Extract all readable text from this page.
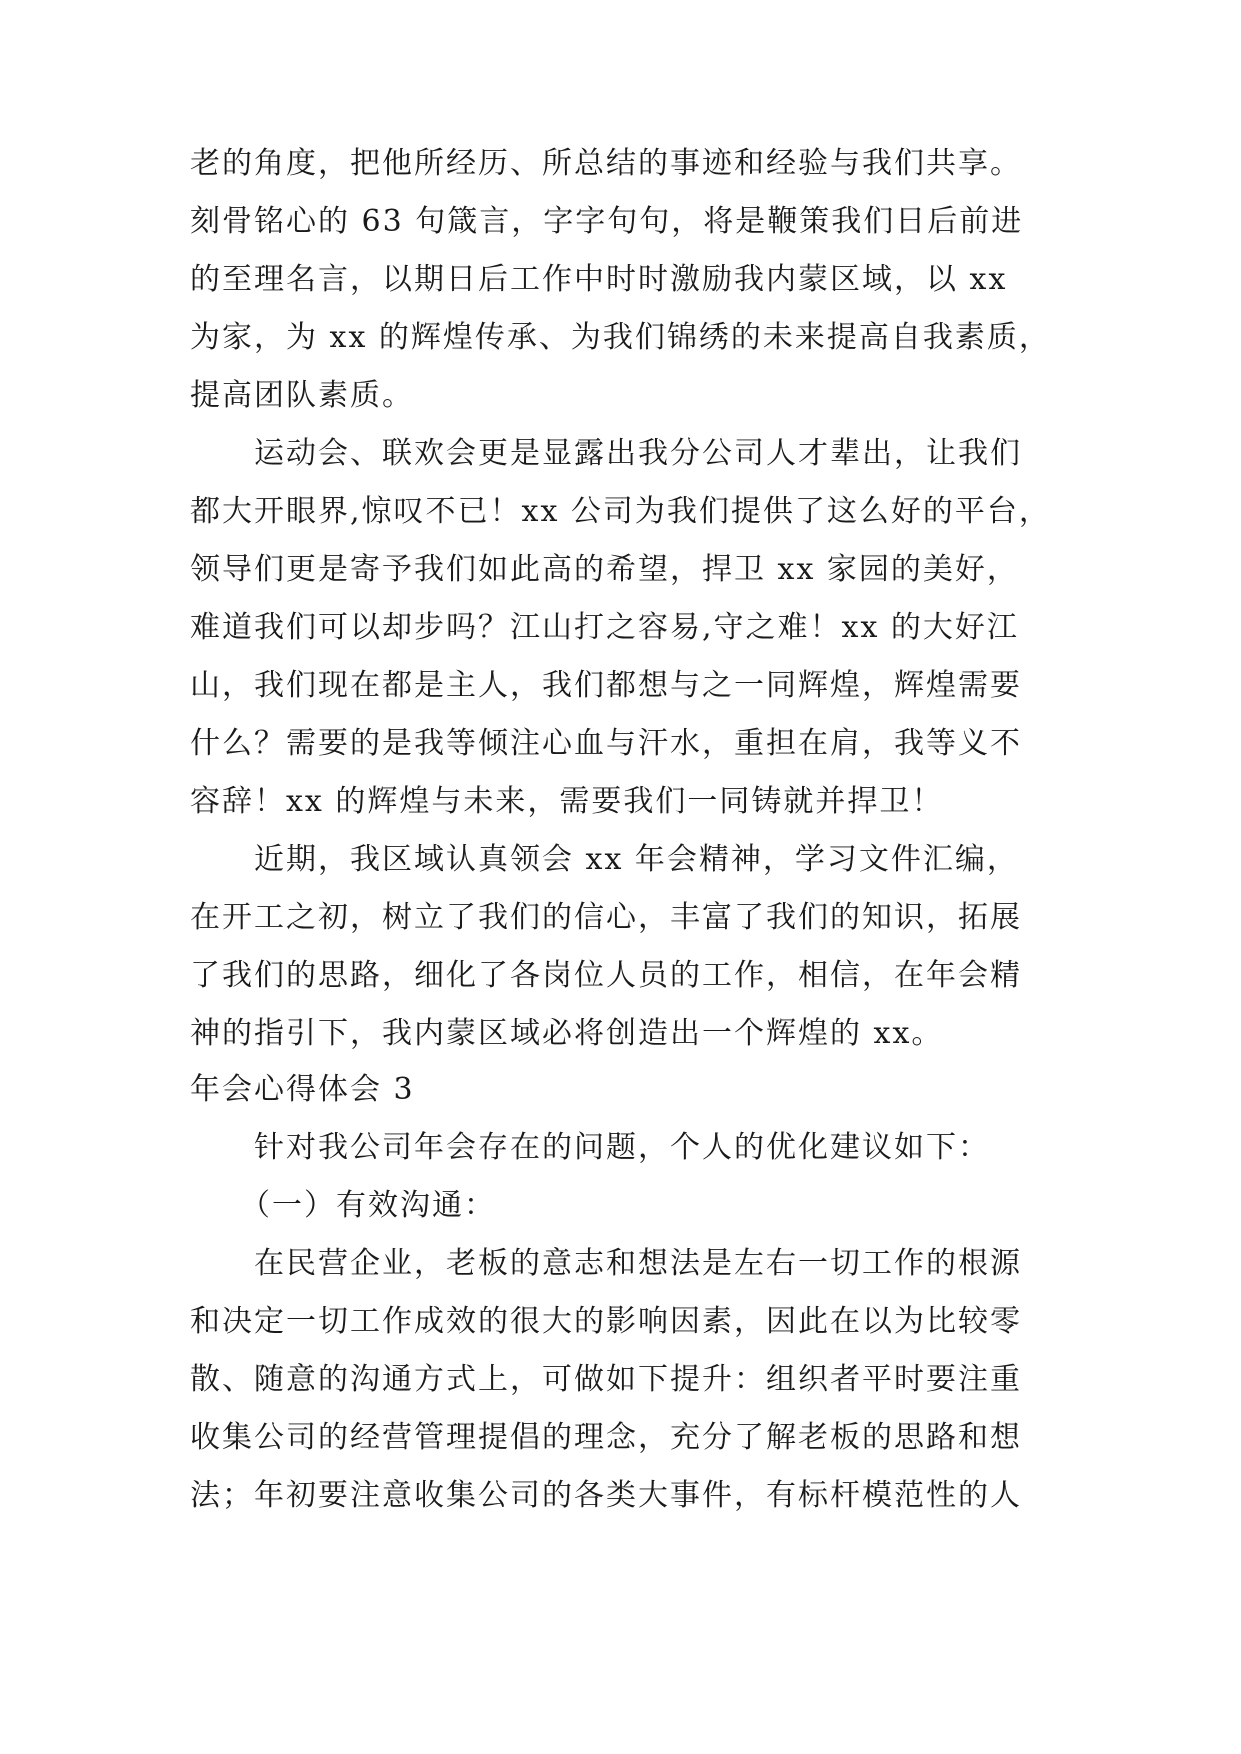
老的角度，把他所经历、所总结的事迹和经验与我们共享。
刻骨铭心的 63 句箴言，字字句句，将是鞭策我们日后前进
的至理名言，以期日后工作中时时激励我内蒙区域，以 xx
为家，为 xx 的辉煌传承、为我们锦绣的未来提高自我素质，
提高团队素质。
运动会、联欢会更是显露出我分公司人才辈出，让我们
都大开眼界,惊叹不已！xx 公司为我们提供了这么好的平台，
领导们更是寄予我们如此高的希望，捍卫 xx 家园的美好，
难道我们可以却步吗？江山打之容易,守之难！xx 的大好江
山，我们现在都是主人，我们都想与之一同辉煌，辉煌需要
什么？需要的是我等倾注心血与汗水，重担在肩，我等义不
容辞！xx 的辉煌与未来，需要我们一同铸就并捍卫！
近期，我区域认真领会 xx 年会精神，学习文件汇编，
在开工之初，树立了我们的信心，丰富了我们的知识，拓展
了我们的思路，细化了各岗位人员的工作，相信，在年会精
神的指引下，我内蒙区域必将创造出一个辉煌的 xx。
年会心得体会 3
针对我公司年会存在的问题，个人的优化建议如下：
（一）有效沟通：
在民营企业，老板的意志和想法是左右一切工作的根源
和决定一切工作成效的很大的影响因素，因此在以为比较零
散、随意的沟通方式上，可做如下提升：组织者平时要注重
收集公司的经营管理提倡的理念，充分了解老板的思路和想
法；年初要注意收集公司的各类大事件，有标杆模范性的人
